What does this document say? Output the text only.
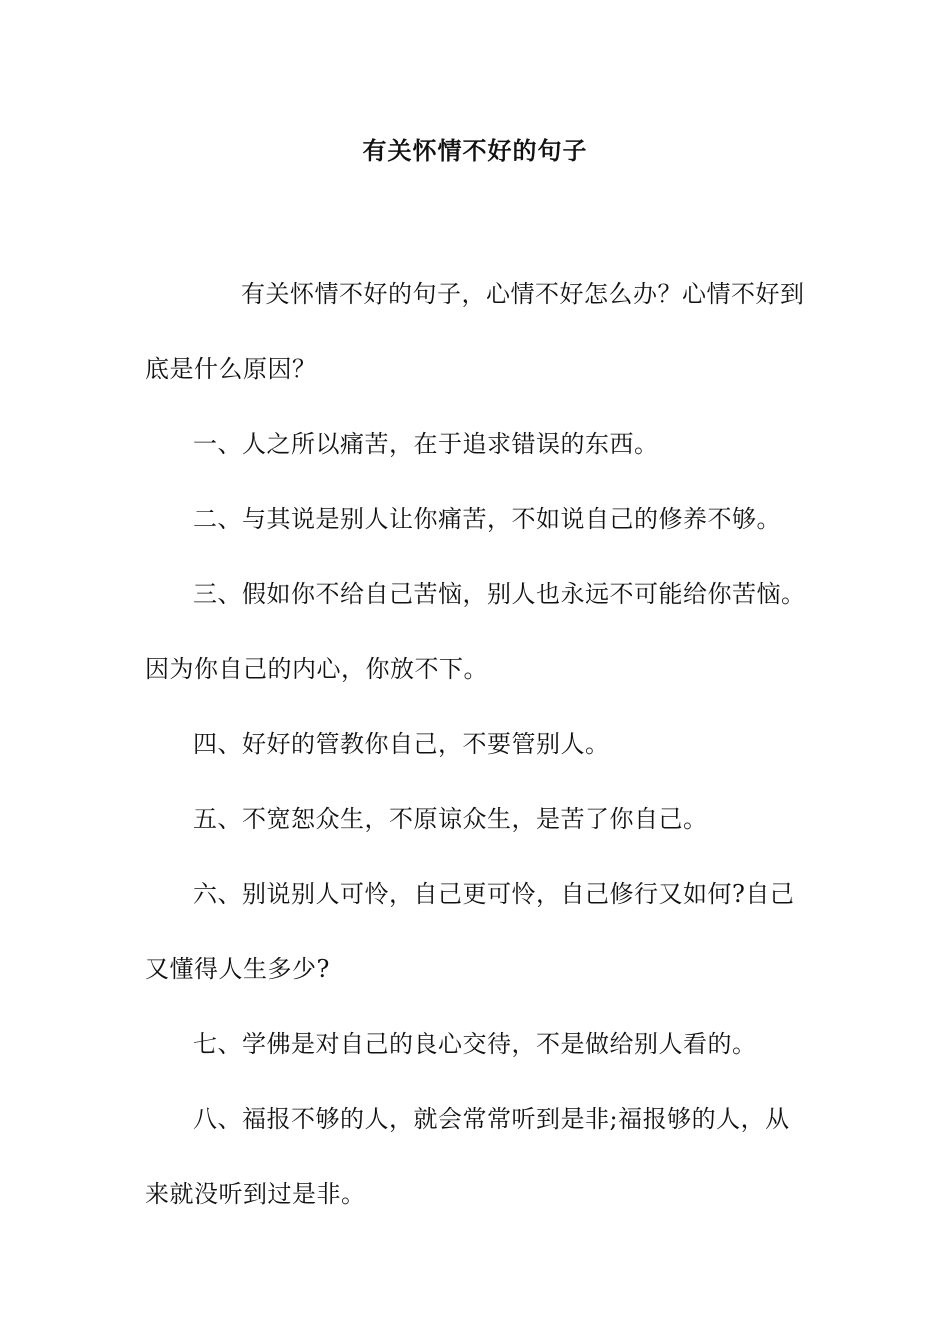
有关怀情不好的句子

有关怀情不好的句子，心情不好怎么办？心情不好到底是什么原因？

一、人之所以痛苦，在于追求错误的东西。

二、与其说是别人让你痛苦，不如说自己的修养不够。

三、假如你不给自己苦恼，别人也永远不可能给你苦恼。因为你自己的内心，你放不下。

四、好好的管教你自己，不要管别人。

五、不宽恕众生，不原谅众生，是苦了你自己。

六、别说别人可怜，自己更可怜，自己修行又如何?自己又懂得人生多少?

七、学佛是对自己的良心交待，不是做给别人看的。

八、福报不够的人，就会常常听到是非;福报够的人，从来就没听到过是非。
